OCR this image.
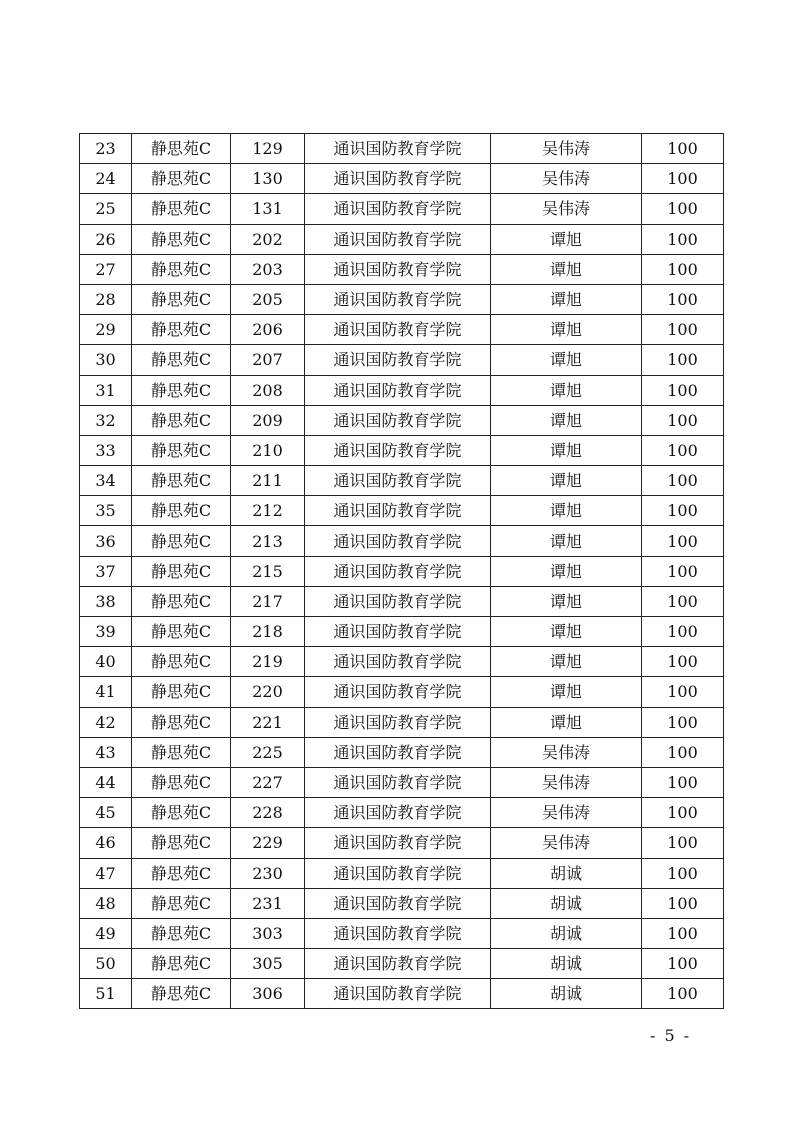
23	静思苑C	129	通识国防教育学院	吴伟涛	100
24	静思苑C	130	通识国防教育学院	吴伟涛	100
25	静思苑C	131	通识国防教育学院	吴伟涛	100
26	静思苑C	202	通识国防教育学院	谭旭	100
27	静思苑C	203	通识国防教育学院	谭旭	100
28	静思苑C	205	通识国防教育学院	谭旭	100
29	静思苑C	206	通识国防教育学院	谭旭	100
30	静思苑C	207	通识国防教育学院	谭旭	100
31	静思苑C	208	通识国防教育学院	谭旭	100
32	静思苑C	209	通识国防教育学院	谭旭	100
33	静思苑C	210	通识国防教育学院	谭旭	100
34	静思苑C	211	通识国防教育学院	谭旭	100
35	静思苑C	212	通识国防教育学院	谭旭	100
36	静思苑C	213	通识国防教育学院	谭旭	100
37	静思苑C	215	通识国防教育学院	谭旭	100
38	静思苑C	217	通识国防教育学院	谭旭	100
39	静思苑C	218	通识国防教育学院	谭旭	100
40	静思苑C	219	通识国防教育学院	谭旭	100
41	静思苑C	220	通识国防教育学院	谭旭	100
42	静思苑C	221	通识国防教育学院	谭旭	100
43	静思苑C	225	通识国防教育学院	吴伟涛	100
44	静思苑C	227	通识国防教育学院	吴伟涛	100
45	静思苑C	228	通识国防教育学院	吴伟涛	100
46	静思苑C	229	通识国防教育学院	吴伟涛	100
47	静思苑C	230	通识国防教育学院	胡诚	100
48	静思苑C	231	通识国防教育学院	胡诚	100
49	静思苑C	303	通识国防教育学院	胡诚	100
50	静思苑C	305	通识国防教育学院	胡诚	100
51	静思苑C	306	通识国防教育学院	胡诚	100
- 5 -
